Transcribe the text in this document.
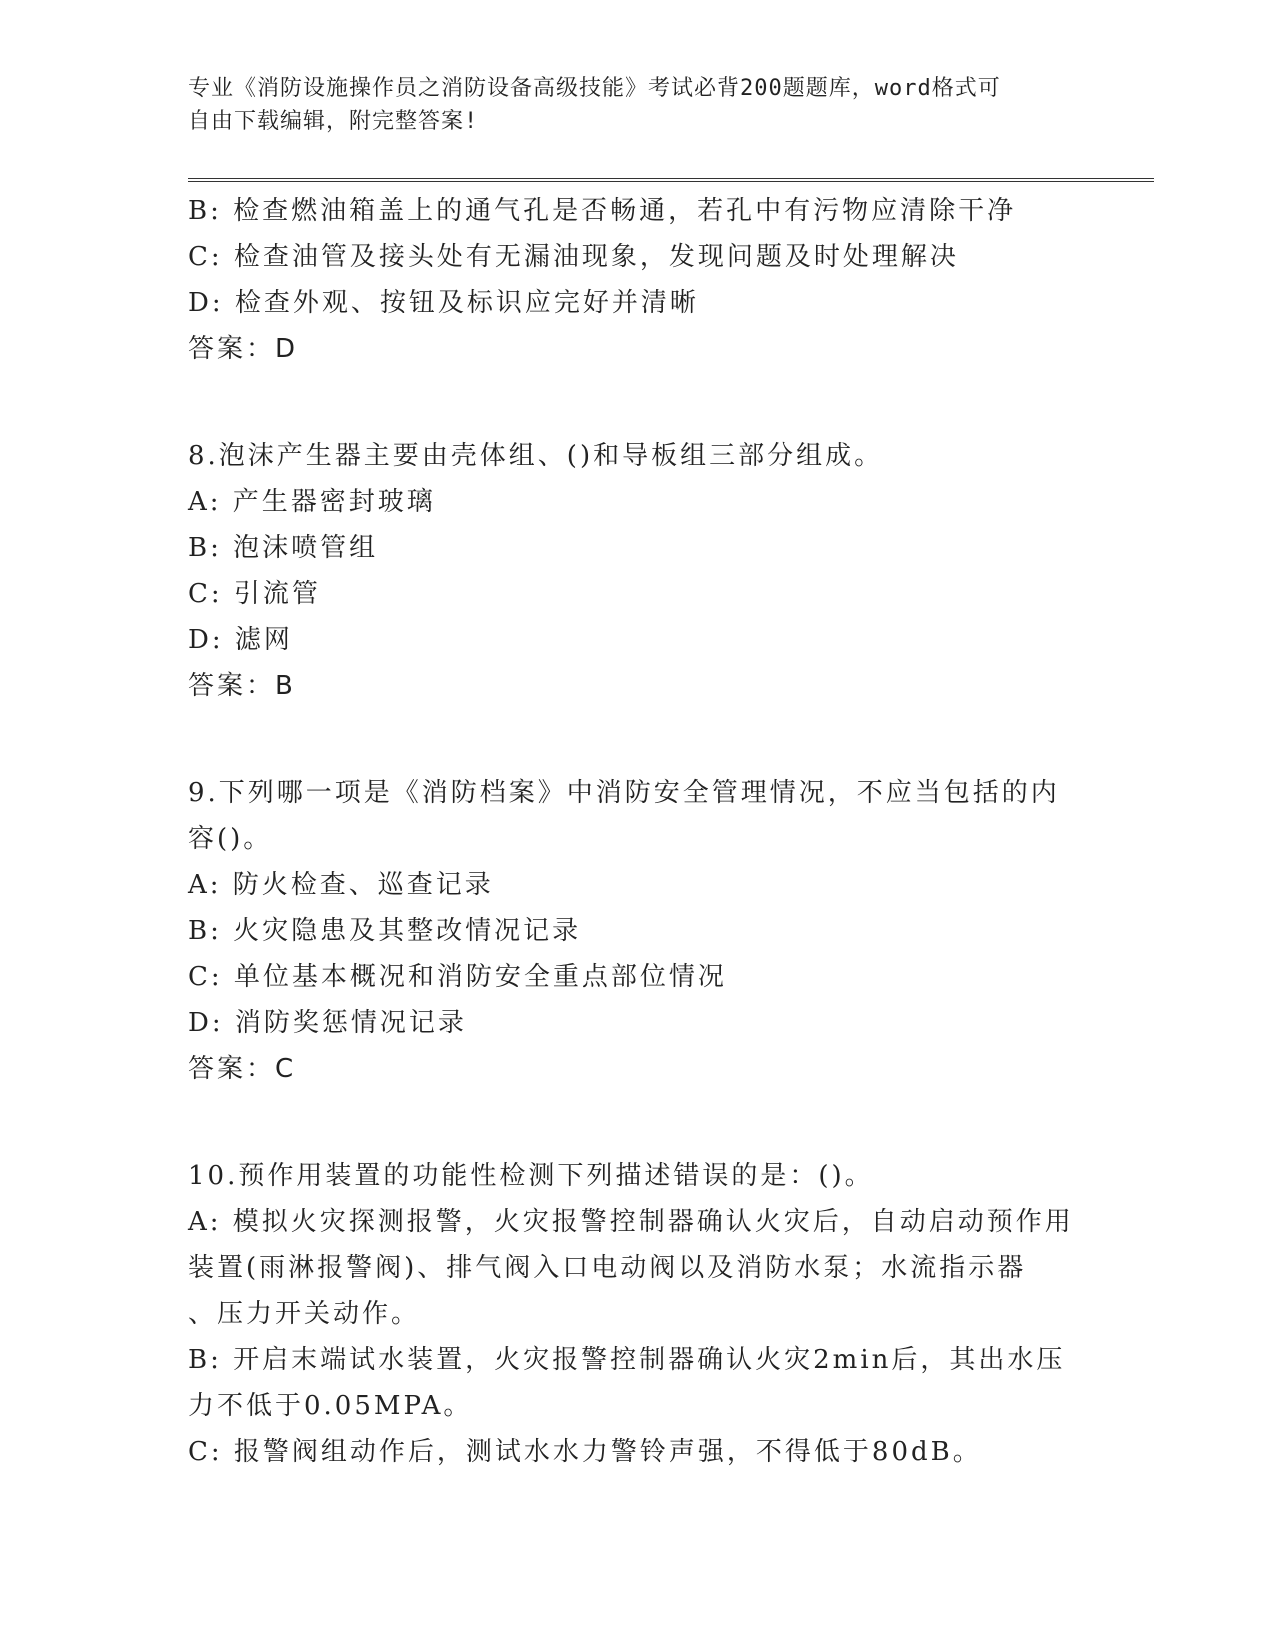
专业《消防设施操作员之消防设备高级技能》考试必背200题题库，word格式可
自由下载编辑，附完整答案!

B: 检查燃油箱盖上的通气孔是否畅通，若孔中有污物应清除干净

C: 检查油管及接头处有无漏油现象，发现问题及时处理解决

D: 检查外观、按钮及标识应完好并清晰

答案：D

8.泡沫产生器主要由壳体组、()和导板组三部分组成。

A: 产生器密封玻璃

B: 泡沫喷管组

C: 引流管

D: 滤网

答案：B

9.下列哪一项是《消防档案》中消防安全管理情况，不应当包括的内

容()。

A: 防火检查、巡查记录

B: 火灾隐患及其整改情况记录

C: 单位基本概况和消防安全重点部位情况

D: 消防奖惩情况记录

答案：C

10.预作用装置的功能性检测下列描述错误的是：()。

A: 模拟火灾探测报警，火灾报警控制器确认火灾后，自动启动预作用

装置(雨淋报警阀)、排气阀入口电动阀以及消防水泵；水流指示器

、压力开关动作。

B: 开启末端试水装置，火灾报警控制器确认火灾2min后，其出水压

力不低于0.05MPA。

C: 报警阀组动作后，测试水水力警铃声强，不得低于80dB。
